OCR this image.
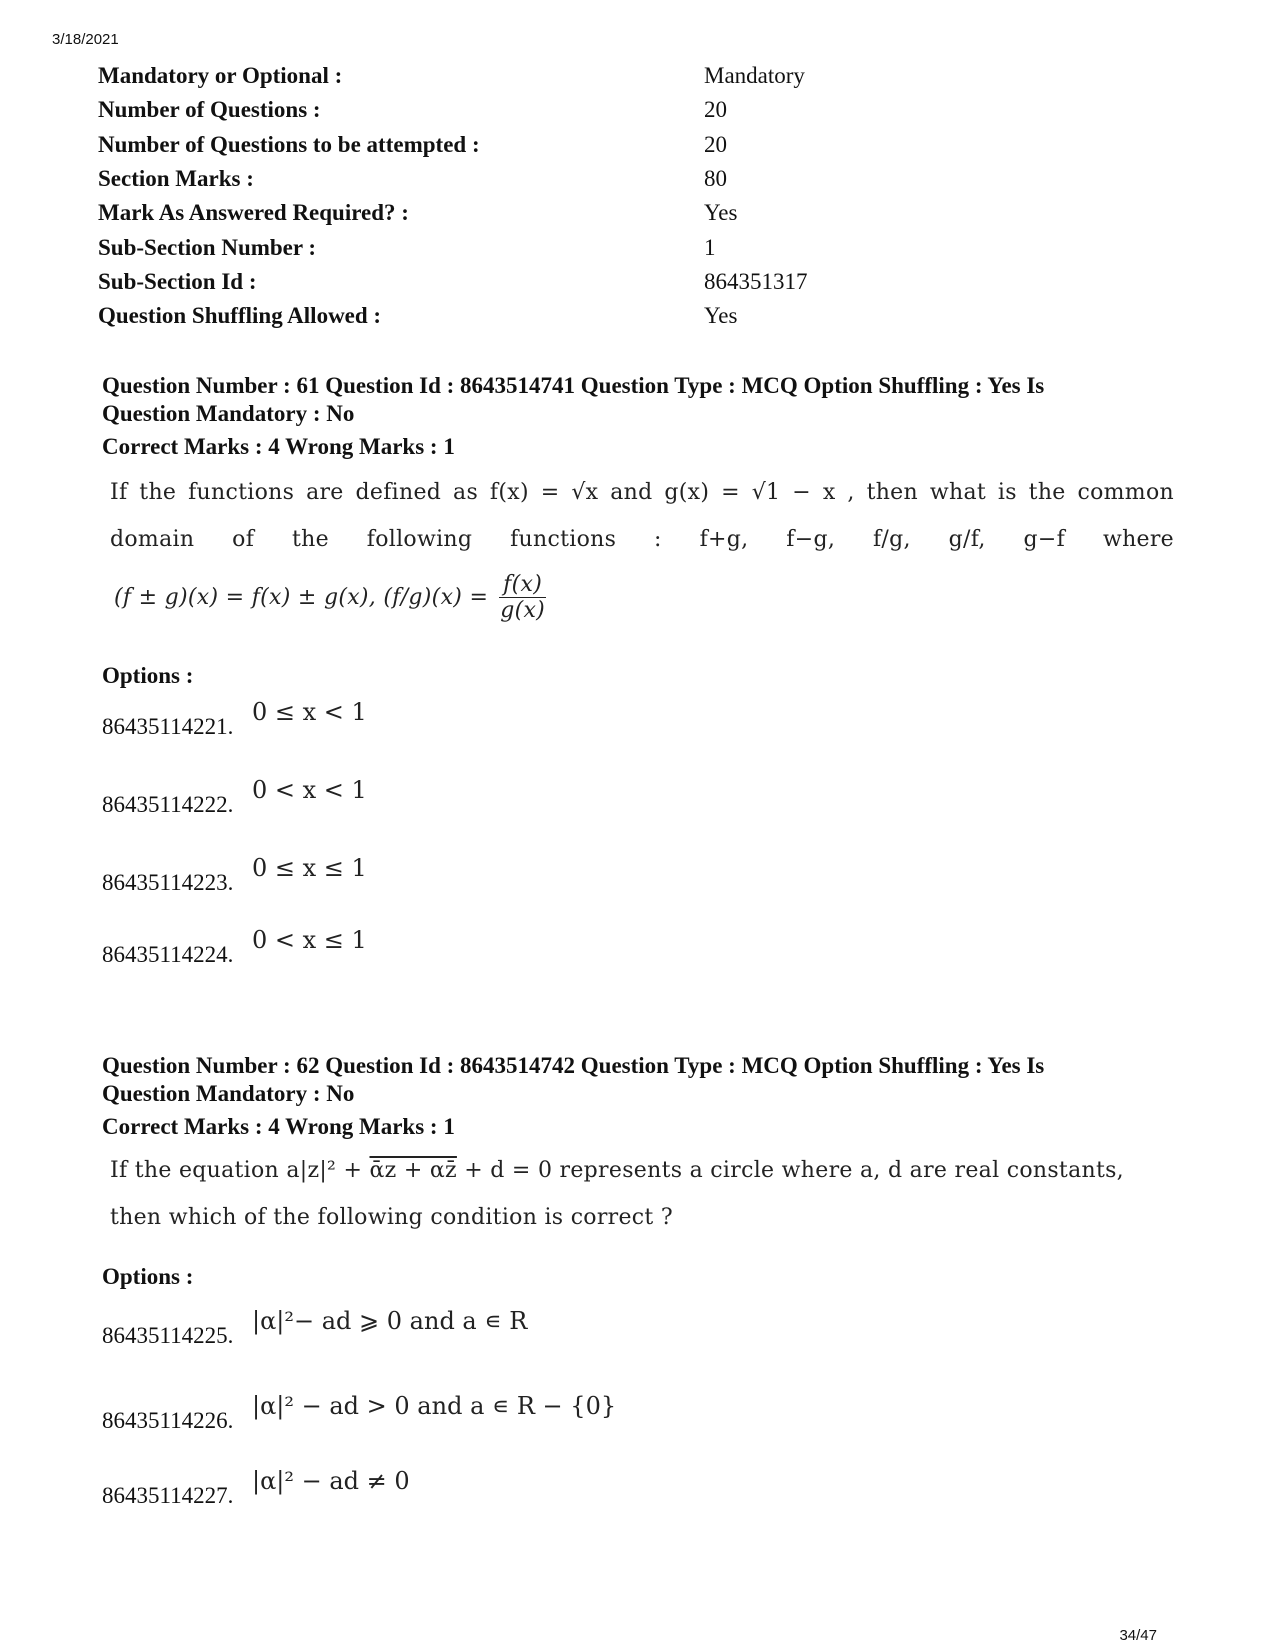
3/18/2021
Mandatory or Optional :	Mandatory
Number of Questions :	20
Number of Questions to be attempted :	20
Section Marks :	80
Mark As Answered Required? :	Yes
Sub-Section Number :	1
Sub-Section Id :	864351317
Question Shuffling Allowed :	Yes
Question Number : 61 Question Id : 8643514741 Question Type : MCQ Option Shuffling : Yes Is
Question Mandatory : No
Correct Marks : 4 Wrong Marks : 1
If the functions are defined as f(x) = √x and g(x) = √1 − x , then what is the common
domain of the following functions : f+g, f−g, f/g, g/f, g−f where
(f ± g)(x) = f(x) ± g(x), $(f/g)(x) = \frac{f(x)}{g(x)}$
Options :
86435114221.
0 ≤ x < 1
86435114222.
0 < x < 1
86435114223.
0 ≤ x ≤ 1
86435114224.
0 < x ≤ 1
Question Number : 62 Question Id : 8643514742 Question Type : MCQ Option Shuffling : Yes Is
Question Mandatory : No
Correct Marks : 4 Wrong Marks : 1
If the equation a|z|² + ᾱz + αz̄ + d = 0 represents a circle where a, d are real constants,
then which of the following condition is correct ?
Options :
86435114225.
|α|²− ad ⩾ 0 and a ∊ R
86435114226.
|α|² − ad > 0 and a ∊ R − {0}
86435114227.
|α|² − ad ≠ 0
34/47
